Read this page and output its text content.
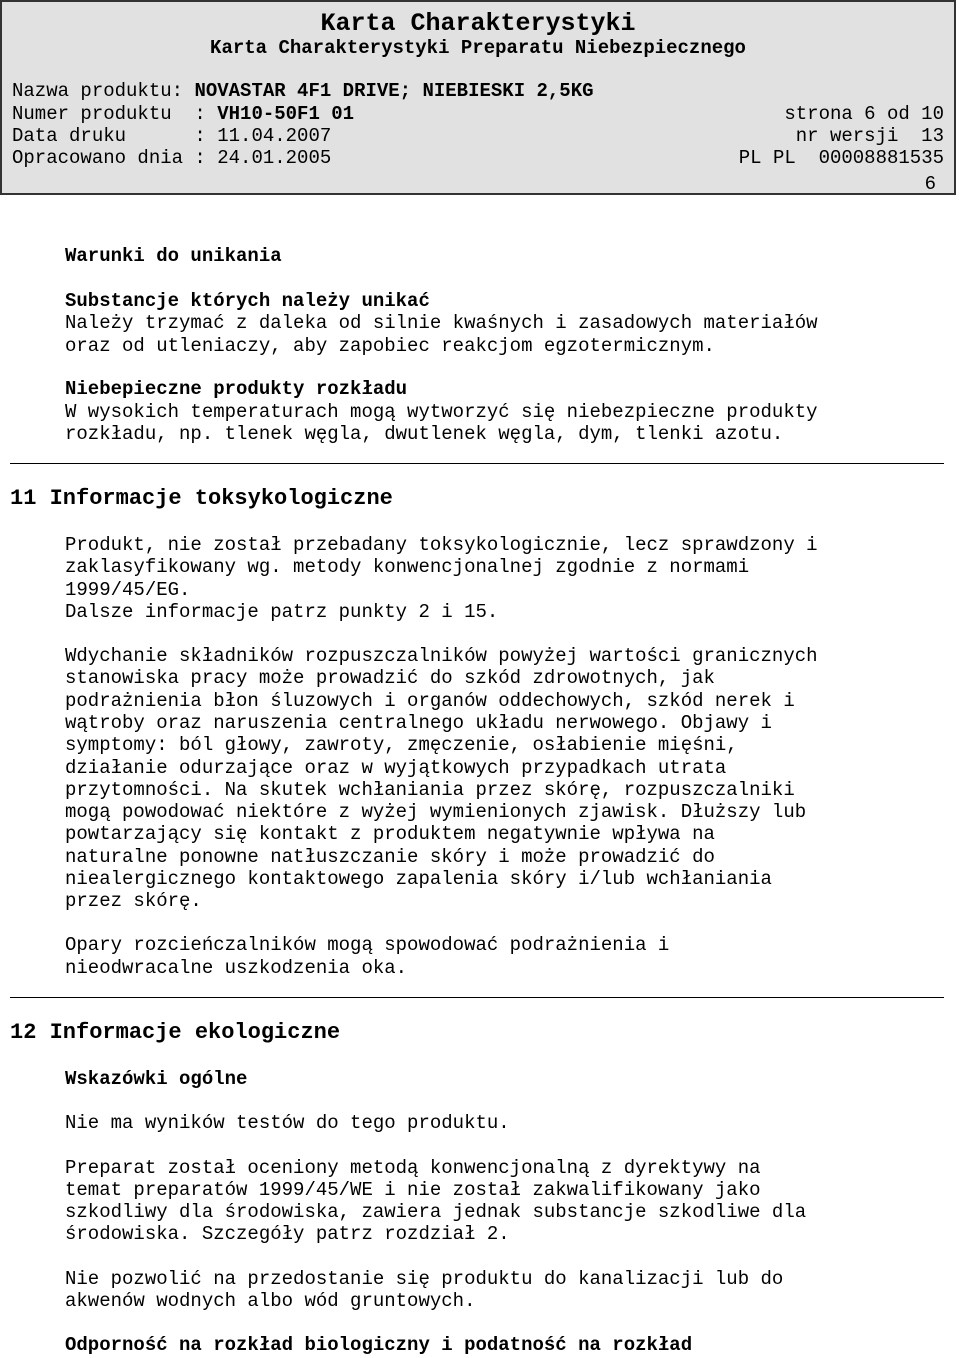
Karta Charakterystyki
Karta Charakterystyki Preparatu Niebezpiecznego
Nazwa produktu: NOVASTAR 4F1 DRIVE; NIEBIESKI 2,5KG
Numer produktu  : VH10-50F1 01	strona 6 od 10
Data druku      : 11.04.2007	nr wersji  13
Opracowano dnia : 24.01.2005	PL PL  00008881535
6
Warunki do unikania
Substancje których należy unikać
Należy trzymać z daleka od silnie kwaśnych i zasadowych materiałów
oraz od utleniaczy, aby zapobiec reakcjom egzotermicznym.
Niebepieczne produkty rozkładu
W wysokich temperaturach mogą wytworzyć się niebezpieczne produkty
rozkładu, np. tlenek węgla, dwutlenek węgla, dym, tlenki azotu.
11 Informacje toksykologiczne
Produkt, nie został przebadany toksykologicznie, lecz sprawdzony i
zaklasyfikowany wg. metody konwencjonalnej zgodnie z normami
1999/45/EG.
Dalsze informacje patrz punkty 2 i 15.
Wdychanie składników rozpuszczalników powyżej wartości granicznych
stanowiska pracy może prowadzić do szkód zdrowotnych, jak
podrażnienia błon śluzowych i organów oddechowych, szkód nerek i
wątroby oraz naruszenia centralnego układu nerwowego. Objawy i
symptomy: ból głowy, zawroty, zmęczenie, osłabienie mięśni,
działanie odurzające oraz w wyjątkowych przypadkach utrata
przytomności. Na skutek wchłaniania przez skórę, rozpuszczalniki
mogą powodować niektóre z wyżej wymienionych zjawisk. Dłuższy lub
powtarzający się kontakt z produktem negatywnie wpływa na
naturalne ponowne natłuszczanie skóry i może prowadzić do
niealergicznego kontaktowego zapalenia skóry i/lub wchłaniania
przez skórę.
Opary rozcieńczalników mogą spowodować podrażnienia i
nieodwracalne uszkodzenia oka.
12 Informacje ekologiczne
Wskazówki ogólne
Nie ma wyników testów do tego produktu.
Preparat został oceniony metodą konwencjonalną z dyrektywy na
temat preparatów 1999/45/WE i nie został zakwalifikowany jako
szkodliwy dla środowiska, zawiera jednak substancje szkodliwe dla
środowiska. Szczegóły patrz rozdział 2.
Nie pozwolić na przedostanie się produktu do kanalizacji lub do
akwenów wodnych albo wód gruntowych.
Odporność na rozkład biologiczny i podatność na rozkład
